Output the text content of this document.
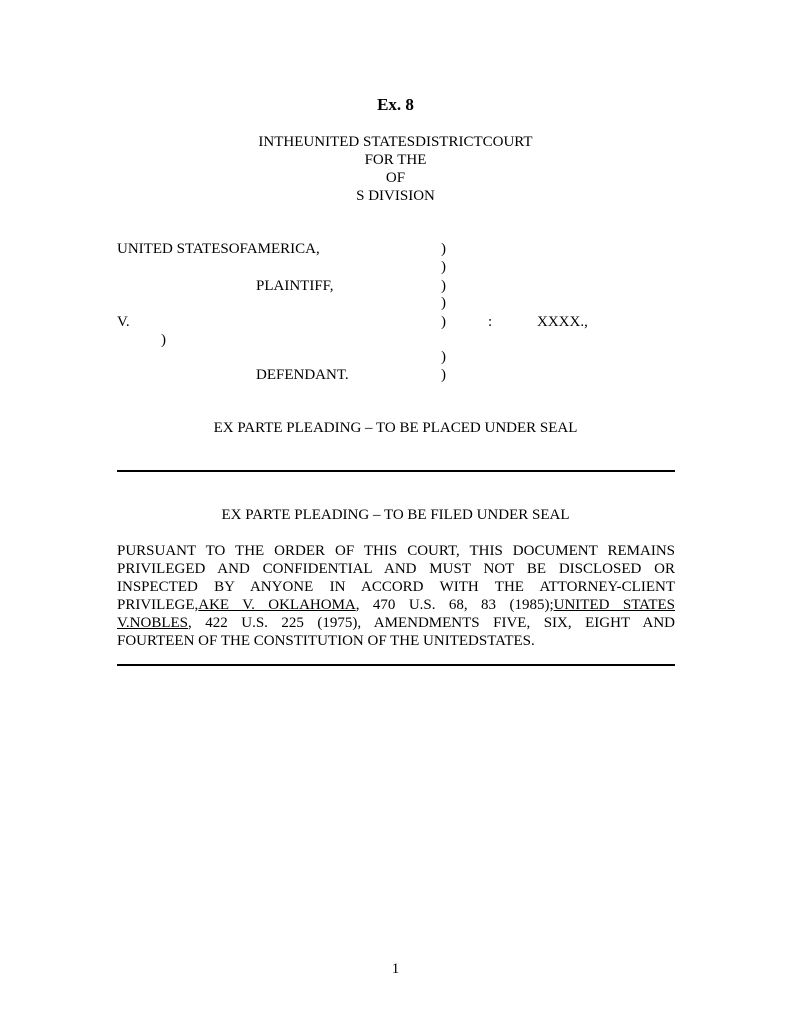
Ex. 8
INTHEUNITED STATESDISTRICTCOURT
FOR THE
OF
S DIVISION
UNITED STATESOFAMERICA,
PLAINTIFF,
V.
)
DEFENDANT.
)
)
)
)
)
)
)
:	XXXX.,
EX PARTE PLEADING – TO BE PLACED UNDER SEAL
EX PARTE PLEADING – TO BE FILED UNDER SEAL
PURSUANT TO THE ORDER OF THIS COURT, THIS DOCUMENT REMAINS
PRIVILEGED AND CONFIDENTIAL AND MUST NOT BE DISCLOSED OR
INSPECTED BY ANYONE IN ACCORD WITH THE ATTORNEY-CLIENT
PRIVILEGE,AKE V. OKLAHOMA, 470 U.S. 68, 83 (1985);UNITED STATES
V.NOBLES, 422 U.S. 225 (1975), AMENDMENTS FIVE, SIX, EIGHT AND
FOURTEEN OF THE CONSTITUTION OF THE UNITEDSTATES.
1
